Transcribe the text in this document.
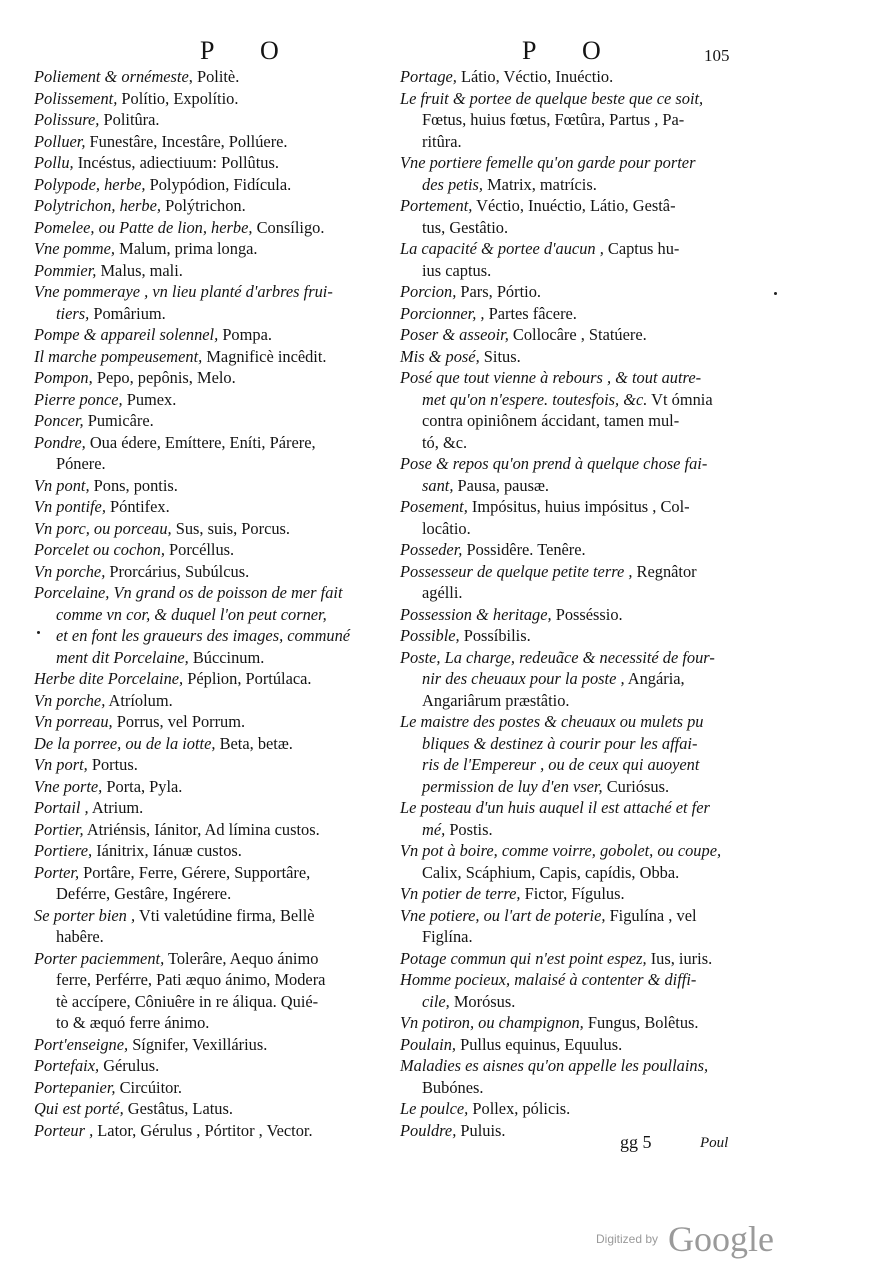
P O	P O	105
Poliement & ornémeste, Politè.
Polissement, Polítio, Expolítio.
Polissure, Politûra.
Polluer, Funestâre, Incestâre, Pollúere.
Pollu, Incéstus, adiectiuum: Pollûtus.
Polypode, herbe, Polypódion, Fidícula.
Polytrichon, herbe, Polýtrichon.
Pomelee, ou Patte de lion, herbe, Consíligo.
Vne pomme, Malum, prima longa.
Pommier, Malus, mali.
Vne pommeraye , vn lieu planté d'arbres frui-
tiers, Pomârium.
Pompe & appareil solennel, Pompa.
Il marche pompeusement, Magnificè incêdit.
Pompon, Pepo, pepônis, Melo.
Pierre ponce, Pumex.
Poncer, Pumicâre.
Pondre, Oua édere, Emíttere, Eníti, Párere,
Pónere.
Vn pont, Pons, pontis.
Vn pontife, Póntifex.
Vn porc, ou porceau, Sus, suis, Porcus.
Porcelet ou cochon, Porcéllus.
Vn porche, Prorcárius, Subúlcus.
Porcelaine, Vn grand os de poisson de mer fait
comme vn cor, & duquel l'on peut corner,
et en font les graueurs des images, communé
ment dit Porcelaine, Búccinum.
Herbe dite Porcelaine, Péplion, Portúlaca.
Vn porche, Atríolum.
Vn porreau, Porrus, vel Porrum.
De la porree, ou de la iotte, Beta, betæ.
Vn port, Portus.
Vne porte, Porta, Pyla.
Portail , Atrium.
Portier, Atriénsis, Iánitor, Ad límina custos.
Portiere, Iánitrix, Iánuæ custos.
Porter, Portâre, Ferre, Gérere, Supportâre,
Deférre, Gestâre, Ingérere.
Se porter bien , Vti valetúdine firma, Bellè
habêre.
Porter paciemment, Tolerâre, Aequo ánimo
ferre, Perférre, Pati æquo ánimo, Modera
tè accípere, Côniuêre in re áliqua. Quié-
to & æquó ferre ánimo.
Port'enseigne, Sígnifer, Vexillárius.
Portefaix, Gérulus.
Portepanier, Circúitor.
Qui est porté, Gestâtus, Latus.
Porteur , Lator, Gérulus , Pórtitor , Vector.
Portage, Látio, Véctio, Inuéctio.
Le fruit & portee de quelque beste que ce soit,
Fœtus, huius fœtus, Fœtûra, Partus , Pa-
ritûra.
Vne portiere femelle qu'on garde pour porter
des petis, Matrix, matrícis.
Portement, Véctio, Inuéctio, Látio, Gestâ-
tus, Gestâtio.
La capacité & portee d'aucun , Captus hu-
ius captus.
Porcion, Pars, Pórtio.
Porcionner, , Partes fâcere.
Poser & asseoir, Collocâre , Statúere.
Mis & posé, Situs.
Posé que tout vienne à rebours , & tout autre-
met qu'on n'espere. toutesfois, &c. Vt ómnia
contra opiniônem áccidant, tamen mul-
tó, &c.
Pose & repos qu'on prend à quelque chose fai-
sant, Pausa, pausæ.
Posement, Impósitus, huius impósitus , Col-
locâtio.
Posseder, Possidêre. Tenêre.
Possesseur de quelque petite terre , Regnâtor
agélli.
Possession & heritage, Posséssio.
Possible, Possíbilis.
Poste, La charge, redeuãce & necessité de four-
nir des cheuaux pour la poste , Angária,
Angariârum præstâtio.
Le maistre des postes & cheuaux ou mulets pu
bliques & destinez à courir pour les affai-
ris de l'Empereur , ou de ceux qui auoyent
permission de luy d'en vser, Curiósus.
Le posteau d'un huis auquel il est attaché et fer
mé, Postis.
Vn pot à boire, comme voirre, gobolet, ou coupe,
Calix, Scáphium, Capis, capídis, Obba.
Vn potier de terre, Fictor, Fígulus.
Vne potiere, ou l'art de poterie, Figulína , vel
Figlína.
Potage commun qui n'est point espez, Ius, iuris.
Homme pocieux, malaisé à contenter & diffi-
cile, Morósus.
Vn potiron, ou champignon, Fungus, Bolêtus.
Poulain, Pullus equinus, Equulus.
Maladies es aisnes qu'on appelle les poullains,
Bubónes.
Le poulce, Pollex, pólicis.
Pouldre, Puluis.
gg 5	Poul
Digitized by Google
